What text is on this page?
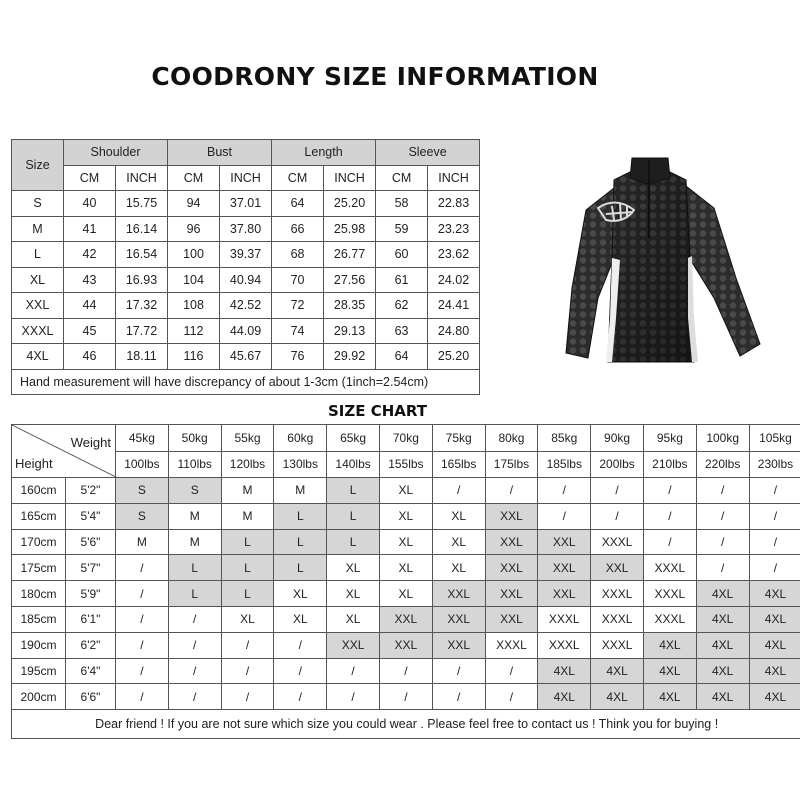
COODRONY SIZE INFORMATION
Size	Shoulder		Bust		Length		Sleeve	
	CM	INCH	CM	INCH	CM	INCH	CM	INCH
S	40	15.75	94	37.01	64	25.20	58	22.83
M	41	16.14	96	37.80	66	25.98	59	23.23
L	42	16.54	100	39.37	68	26.77	60	23.62
XL	43	16.93	104	40.94	70	27.56	61	24.02
XXL	44	17.32	108	42.52	72	28.35	62	24.41
XXXL	45	17.72	112	44.09	74	29.13	63	24.80
4XL	46	18.11	116	45.67	76	29.92	64	25.20
Hand measurement will have discrepancy of about 1-3cm (1inch=2.54cm)								
SIZE CHART
Weight
Height		45kg	50kg	55kg	60kg	65kg	70kg	75kg	80kg	85kg	90kg	95kg	100kg	105kg
		100lbs	110lbs	120lbs	130lbs	140lbs	155lbs	165lbs	175lbs	185lbs	200lbs	210lbs	220lbs	230lbs
160cm	5'2"	S	S	M	M	L	XL	/	/	/	/	/	/	/
165cm	5'4"	S	M	M	L	L	XL	XL	XXL	/	/	/	/	/
170cm	5'6"	M	M	L	L	L	XL	XL	XXL	XXL	XXXL	/	/	/
175cm	5'7"	/	L	L	L	XL	XL	XL	XXL	XXL	XXL	XXXL	/	/
180cm	5'9"	/	L	L	XL	XL	XL	XXL	XXL	XXL	XXXL	XXXL	4XL	4XL
185cm	6'1"	/	/	XL	XL	XL	XXL	XXL	XXL	XXXL	XXXL	XXXL	4XL	4XL
190cm	6'2"	/	/	/	/	XXL	XXL	XXL	XXXL	XXXL	XXXL	4XL	4XL	4XL
195cm	6'4"	/	/	/	/	/	/	/	/	4XL	4XL	4XL	4XL	4XL
200cm	6'6"	/	/	/	/	/	/	/	/	4XL	4XL	4XL	4XL	4XL
Dear friend ! If you are not sure which size you could wear . Please feel free to contact us ! Think you for buying !														
